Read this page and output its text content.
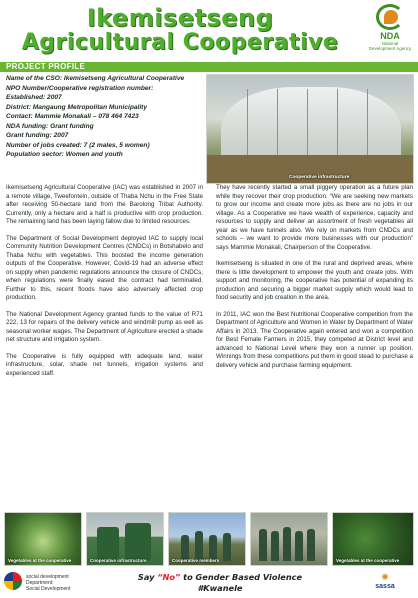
Ikemisetseng
Agricultural Cooperative	NDA
National Development Agency
PROJECT PROFILE
Name of the CSO: Ikemisetseng Agricultural Cooperative
NPO Number/Cooperative registration number:
Established: 2007
District: Mangaung Metropolitan Municipality
Contact: Mammie Monakali – 078 464 7423
NDA funding: Grant funding
Grant funding: 2007
Number of jobs created: 7 (2 males, 5 women)
Population sector: Women and youth
Cooperative infrastructure

Ikemisetseng Agricultural Cooperative (IAC) was established in 2007 in a remote village, Tweefontein, outside of Thaba Nchu in the Free State after receiving 50-hectare land from the Barolong Tribal Authority. Currently, only a hectare and a half is productive with crop production. The remaining land has been laying fallow due to limited resources.

The Department of Social Development deployed IAC to supply local Community Nutrition Development Centres (CNDCs) in Botshabelo and Thaba Nchu with vegetables. This boosted the income generation outputs of the Cooperative. However, Covid-19 had an adverse effect on supply when pandemic regulations announce the closure of CNDCs, when regulations were finally eased the contract had terminated. Further to this, recent floods have also adversely affected crop production.

The National Development Agency granted funds to the value of R71 222, 13 for repairs of the delivery vehicle and windmill pump as well as seasonal worker wages. The Department of Agriculture erected a shade net structure and irrigation system.

The Cooperative is fully equipped with adequate land, water infrastructure, solar, shade net tunnels, irrigation systems and experienced staff.

They have recently started a small piggery operation as a future plan while they recover their crop production. “We are seeking new markets to grow our income and create more jobs as there are no jobs in our village. As a Cooperative we have wealth of experience, capacity and resources to supply and deliver an assortment of fresh vegetables all year as we have tunnels also. We rely on markets from CNDCs and schools – we want to provide more businesses with our production” says Mammie Monakali, Chairperson of the Cooperative.

Ikemisetseng is situated in one of the rural and deprived areas, where there is little development to empower the youth and create jobs. With support and monitoring, the cooperative has potential of expanding its production and securing a bigger market supply which would lead to food security and job creation in the area.

In 2011, IAC won the Best Nutritional Cooperative competition from the Department of Agriculture and Women in Water by Department of Water Affairs in 2013. The Cooperative again entered and won a competition for Best Female Farmers in 2015, they competed at District level and advanced to National Level where they won a runner up position. Winnings from these competitions put them in good stead to purchase a delivery vehicle and purchase farming equipment.

Vegetables at the cooperative	Cooperative infrastructure	Cooperative members	Vegetables at the cooperative
social development
Department:
Social Development
Say “No” to Gender Based Violence
#Kwanele
✺
sassa
